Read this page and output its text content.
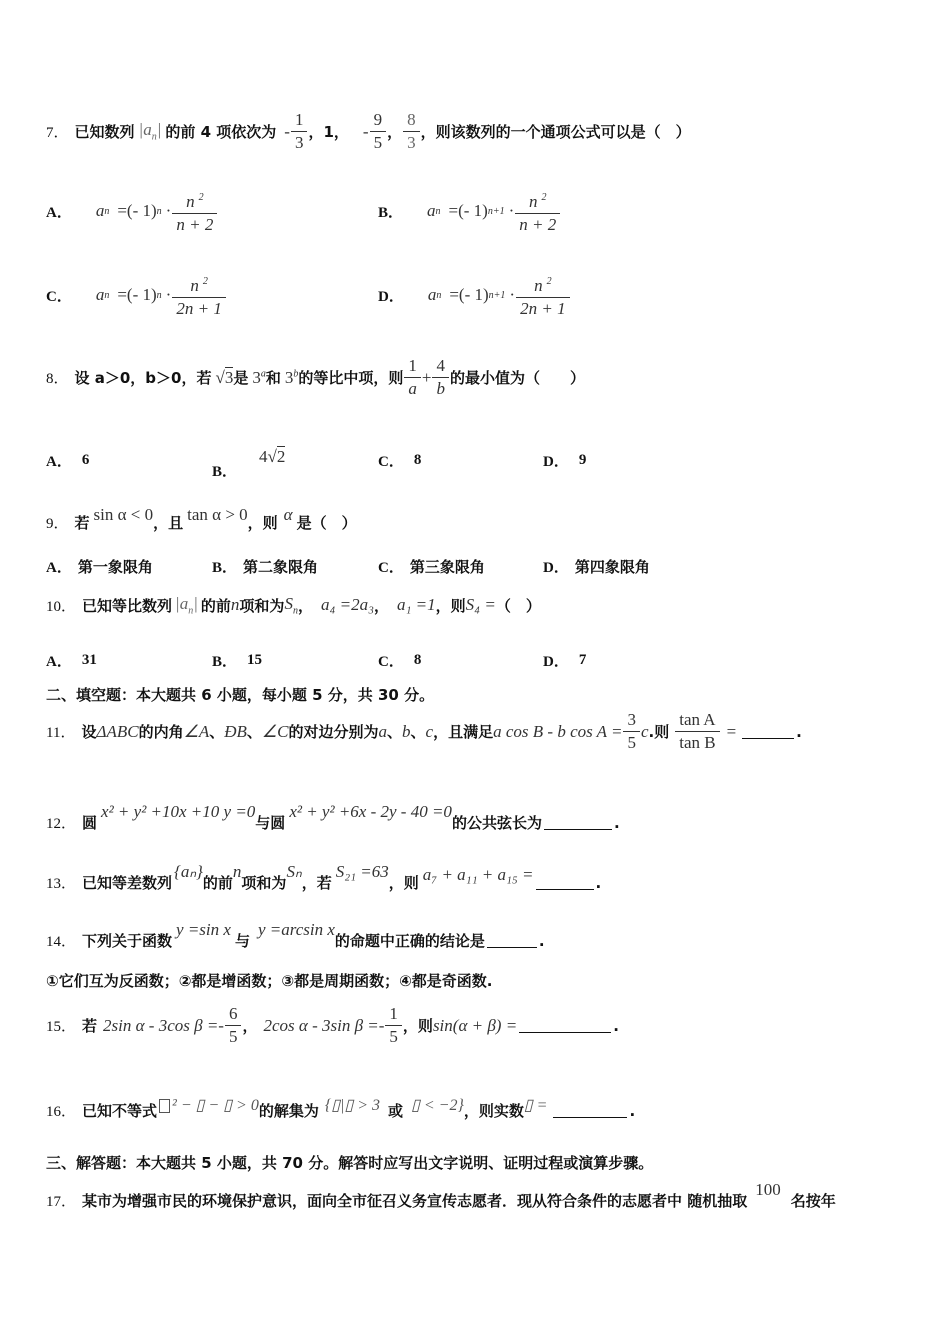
7． 已知数列 $|a_n|$ 的前 4 项依次为 - $\frac{1}{3}$ ，1， - $\frac{9}{5}$ ， $\frac{8}{3}$ ，则该数列的一个通项公式可以是（　）
A． a n =(- 1) $n \cdot \frac{n ^2}{n + 2}$	B． a n =(- 1) $n+1 \cdot \frac{n ^2}{n + 2}$
C． a n =(- 1) $n \cdot \frac{n ^2}{2n + 1}$	D． a n =(- 1) $n+1 \cdot \frac{n ^2}{2n + 1}$
8． 设 a＞0，b＞0，若 √3 是 3$^a$ 和 3$^b$ 的等比中项，则 $\frac{1}{a} + \frac{4}{b}$ 的最小值为（　　）
A． 6
B．
4√2	C． 8	D． 9
9． 若 sin α < 0 ，且 tan α > 0 ，则 α 是（　）
A． 第一象限角	B． 第二象限角	C． 第三象限角	D． 第四象限角
10． 已知等比数列 $|a_n|$ 的前 n 项和为 $S_n$ ， a₄ =2a₃ ， a₁ =1 ，则 S₄ = （　）
A． 31	B． 15	C． 8	D． 7
二、填空题：本大题共 6 小题，每小题 5 分，共 30 分。
11． 设 ΔABC 的内角 ∠A 、 ÐB 、 ∠C 的对边分别为 a 、 b 、 c ，且满足 a cos B - b $\cos A = \frac{3}{5}$ c .则 $\frac{\text{tan A}}{\text{tan B}}$ =	.
12． 圆
x² + y² +10x +10 y =0
与圆
x² + y² +6x - 2y - 40 =0
的公共弦长为	.
13． 已知等差数列
{aₙ}
的前
n
项和为
Sₙ
，若
S₂₁ =63
，则 a₇ + a₁₁ + a₁₅ =	.
14． 下列关于函数
y =sin x
与
y =arcsin x
的命题中正确的结论是	.
①它们互为反函数；②都是增函数；③都是周期函数；④都是奇函数.
15． 若 2sin α - 3cos $\beta =- \frac{6}{5}$ ， 2cos α - 3sin $\beta =- \frac{1}{5}$ ，则 sin(α + β) =	.
16． 已知不等式 ² − ▯ − ▯ > 0 的解集为 {▯|▯ > 3 或 ▯ < −2} ，则实数 ▯ =	.
三、解答题：本大题共 5 小题，共 70 分。解答时应写出文字说明、证明过程或演算步骤。
17． 某市为增强市民的环境保护意识，面向全市征召义务宣传志愿者．现从符合条件的志愿者中 随机抽取
100
名按年
